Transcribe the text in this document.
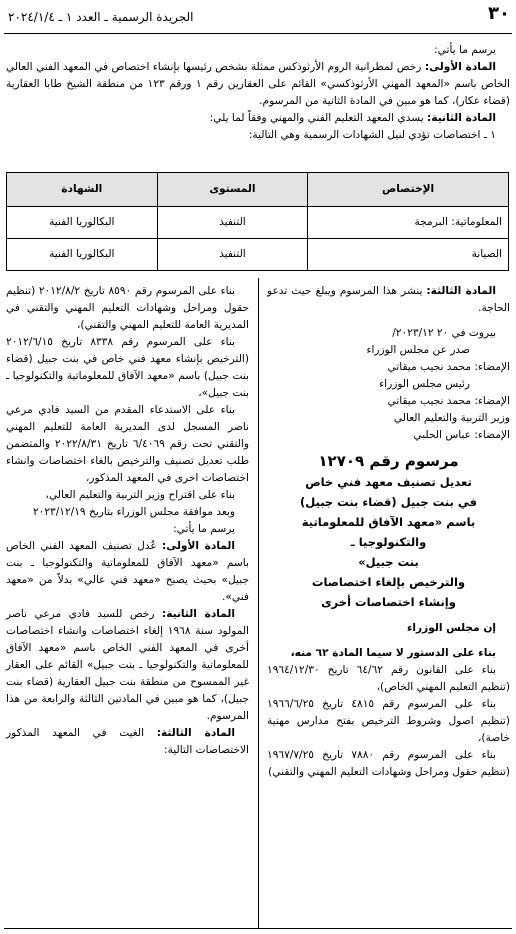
٣٠
الجريدة الرسمية ـ العدد ١ ـ ٢٠٢٤/١/٤

يرسم ما يأتي:

المادة الأولى: رخص لمطرانية الروم الأرثوذكس ممثلة بشخص رئيسها بإنشاء اختصاص في المعهد الفني العالي الخاص باسم «المعهد المهني الأرثوذكسي» القائم على العقارين رقم ١ ورقم ١٢٣ من منطقة الشيخ طابا العقارية (قضاء عكار)، كما هو مبين في المادة الثانية من المرسوم.

المادة الثانية: يسدي المعهد التعليم الفني والمهني وفقاً لما يلي:

١ ـ اختصاصات تؤدي لنيل الشهادات الرسمية وهي التالية:

الإختصاص	المستوى	الشهادة
المعلوماتية: البرمجة	التنفيذ	البكالوريا الفنية
الصيانة	التنفيذ	البكالوريا الفنية

المادة الثالثة: ينشر هذا المرسوم ويبلغ حيث تدعو الحاجة.

بيروت في ٢٠ ٢٠٢٣/١٢/

صدر عن مجلس الوزراء

الإمضاء: محمد نجيب ميقاتي

رئيس مجلس الوزراء

الإمضاء: محمد نجيب ميقاتي

وزير التربية والتعليم العالي

الإمضاء: عباس الحلبي

مرسوم رقم ١٢٧٠٩

تعديل تصنيف معهد فني خاص

في بنت جبيل (قضاء بنت جبيل)

باسم «معهد الآفاق للمعلوماتية والتكنولوجيا ـ

بنت جبيل»

والترخيص بإلغاء اختصاصات

وإنشاء اختصاصات أخرى

إن مجلس الوزراء

بناء على الدستور لا سيما المادة ٦٢ منه،

بناء على القانون رقم ٦٤/٦٢ تاريخ ١٩٦٤/١٢/٣٠ (تنظيم التعليم المهني الخاص)،

بناء على المرسوم رقم ٤٨١٥ تاريخ ١٩٦٦/٦/٢٥ (تنظيم اصول وشروط الترخيص بفتح مدارس مهنية خاصة)،

بناء على المرسوم رقم ٧٨٨٠ تاريخ ١٩٦٧/٧/٢٥ (تنظيم حقول ومراحل وشهادات التعليم المهني والتقني)

بناء على المرسوم رقم ٨٥٩٠ تاريخ ٢٠١٢/٨/٢ (تنظيم حقول ومراحل وشهادات التعليم المهني والتقني في المديرية العامة للتعليم المهني والتقني)،

بناء على المرسوم رقم ٨٣٣٨ تاريخ ٢٠١٢/٦/١٥ (الترخيص بإنشاء معهد فني خاص في بنت جبيل (قضاء بنت جبيل) باسم «معهد الآفاق للمعلوماتية والتكنولوجيا ـ بنت جبيل»،

بناء على الاستدعاء المقدم من السيد فادي مرعي ناصر المسجل لدى المديرية العامة للتعليم المهني والتقني تحت رقم ٦/٤٠٦٩ تاريخ ٢٠٢٢/٨/٣١ والمتضمن طلب تعديل تصنيف والترخيص بالغاء اختصاصات وانشاء اختصاصات اخرى في المعهد المذكور،

بناء على اقتراح وزير التربية والتعليم العالي،

وبعد موافقة مجلس الوزراء بتاريخ ٢٠٢٣/١٢/١٩

يرسم ما يأتي:

المادة الأولى: عُدل تصنيف المعهد الفني الخاص باسم «معهد الآفاق للمعلوماتية والتكنولوجيا ـ بنت جبيل» بحيث يصبح «معهد فني عالي» بدلاً من «معهد فني».

المادة الثانية: رخص للسيد فادي مرعي ناصر المولود سنة ١٩٦٨ إلغاء اختصاصات وانشاء اختصاصات أخرى في المعهد الفني الخاص باسم «معهد الآفاق للمعلوماتية والتكنولوجيا ـ بنت جبيل» القائم على العقار غير الممسوح من منطقة بنت جبيل العقارية (قضاء بنت جبيل)، كما هو مبين في المادتين الثالثة والرابعة من هذا المرسوم.

المادة الثالثة: الغيت في المعهد المذكور الاختصاصات التالية:
